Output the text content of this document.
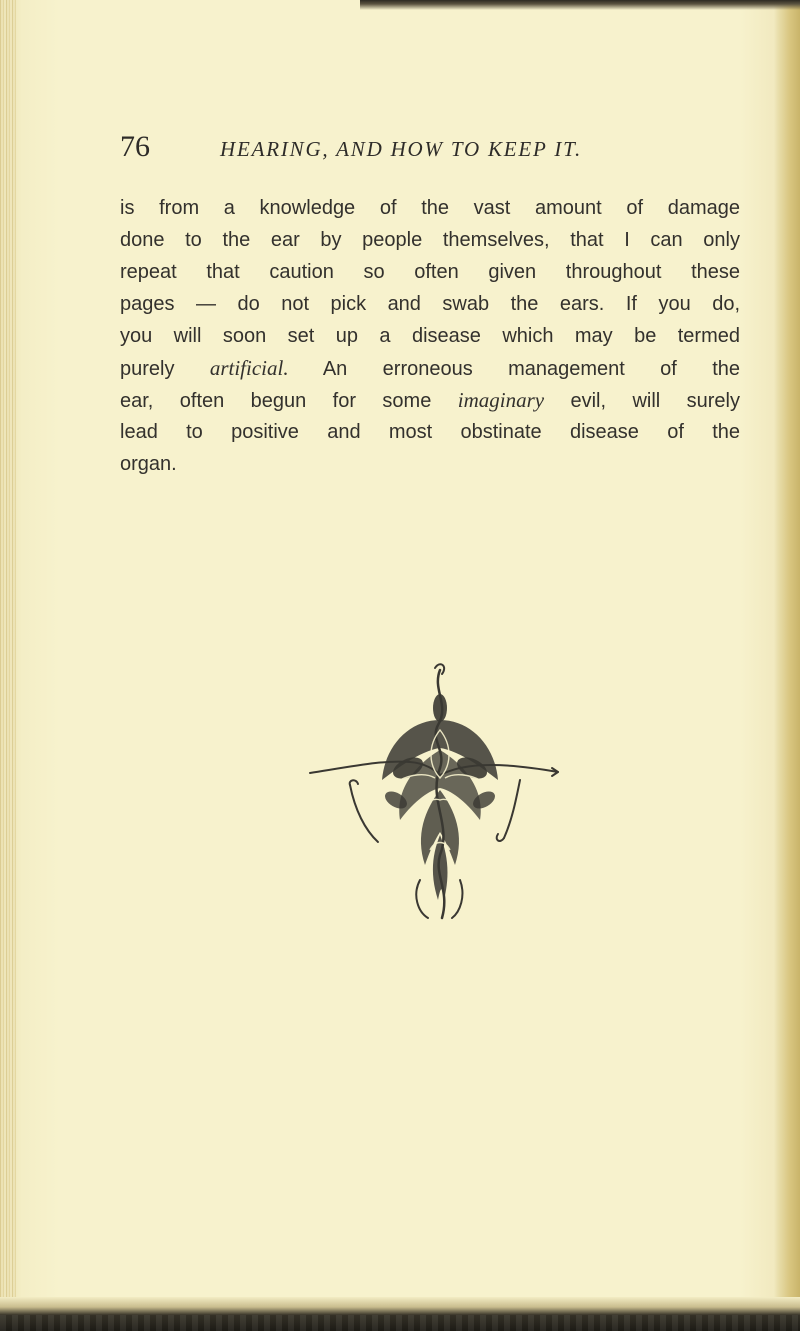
76	HEARING, AND HOW TO KEEP IT.
is from a knowledge of the vast amount of damage
done to the ear by people themselves, that I can only
repeat that caution so often given throughout these
pages — do not pick and swab the ears. If you do,
you will soon set up a disease which may be termed
purely artificial. An erroneous management of the
ear, often begun for some imaginary evil, will surely
lead to positive and most obstinate disease of the
organ.
